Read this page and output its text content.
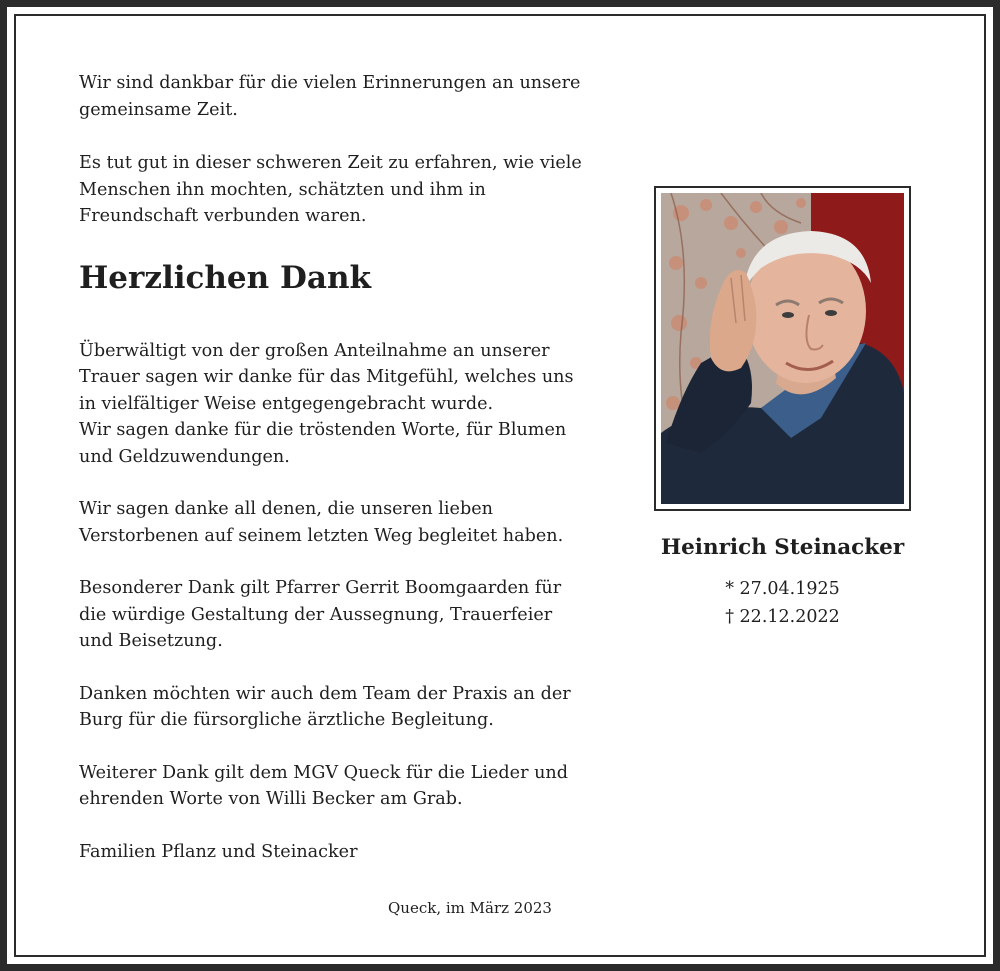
Wir sind dankbar für die vielen Erinnerungen an unsere
gemeinsame Zeit.

Es tut gut in dieser schweren Zeit zu erfahren, wie viele
Menschen ihn mochten, schätzten und ihm in
Freundschaft verbunden waren.

Herzlichen Dank

Überwältigt von der großen Anteilnahme an unserer
Trauer sagen wir danke für das Mitgefühl, welches uns
in vielfältiger Weise entgegengebracht wurde.
Wir sagen danke für die tröstenden Worte, für Blumen
und Geldzuwendungen.

Wir sagen danke all denen, die unseren lieben
Verstorbenen auf seinem letzten Weg begleitet haben.

Besonderer Dank gilt Pfarrer Gerrit Boomgaarden für
die würdige Gestaltung der Aussegnung, Trauerfeier
und Beisetzung.

Danken möchten wir auch dem Team der Praxis an der
Burg für die fürsorgliche ärztliche Begleitung.

Weiterer Dank gilt dem MGV Queck für die Lieder und
ehrenden Worte von Willi Becker am Grab.

Familien Pflanz und Steinacker

Queck, im März 2023
Heinrich Steinacker
* 27.04.1925
† 22.12.2022
